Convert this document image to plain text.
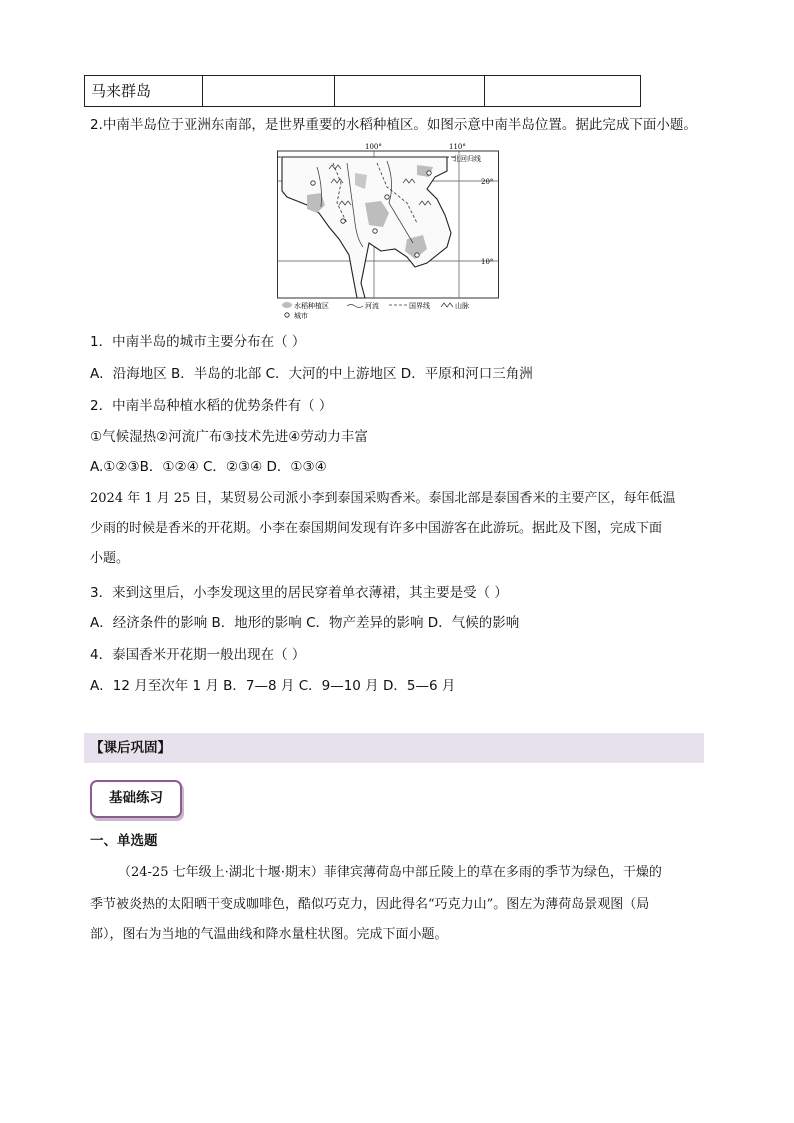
马来群岛
2.中南半岛位于亚洲东南部，是世界重要的水稻种植区。如图示意中南半岛位置。据此完成下面小题。
100°	110°
20°
10°
北回归线
水稻种植区	河流	国界线	山脉
城市
1．中南半岛的城市主要分布在（ ）
A．沿海地区 B．半岛的北部 C．大河的中上游地区 D．平原和河口三角洲
2．中南半岛种植水稻的优势条件有（ ）
①气候湿热②河流广布③技术先进④劳动力丰富
A.①②③B．①②④ C．②③④ D．①③④
2024 年 1 月 25 日，某贸易公司派小李到泰国采购香米。泰国北部是泰国香米的主要产区，每年低温
少雨的时候是香米的开花期。小李在泰国期间发现有许多中国游客在此游玩。据此及下图，完成下面
小题。
3．来到这里后，小李发现这里的居民穿着单衣薄裙，其主要是受（ ）
A．经济条件的影响 B．地形的影响 C．物产差异的影响 D．气候的影响
4．泰国香米开花期一般出现在（ ）
A．12 月至次年 1 月 B．7—8 月 C．9—10 月 D．5—6 月
【课后巩固】
基础练习
一、单选题
（24-25 七年级上·湖北十堰·期末）菲律宾薄荷岛中部丘陵上的草在多雨的季节为绿色，干燥的
季节被炎热的太阳晒干变成咖啡色，酷似巧克力，因此得名“巧克力山”。图左为薄荷岛景观图（局
部），图右为当地的气温曲线和降水量柱状图。完成下面小题。
